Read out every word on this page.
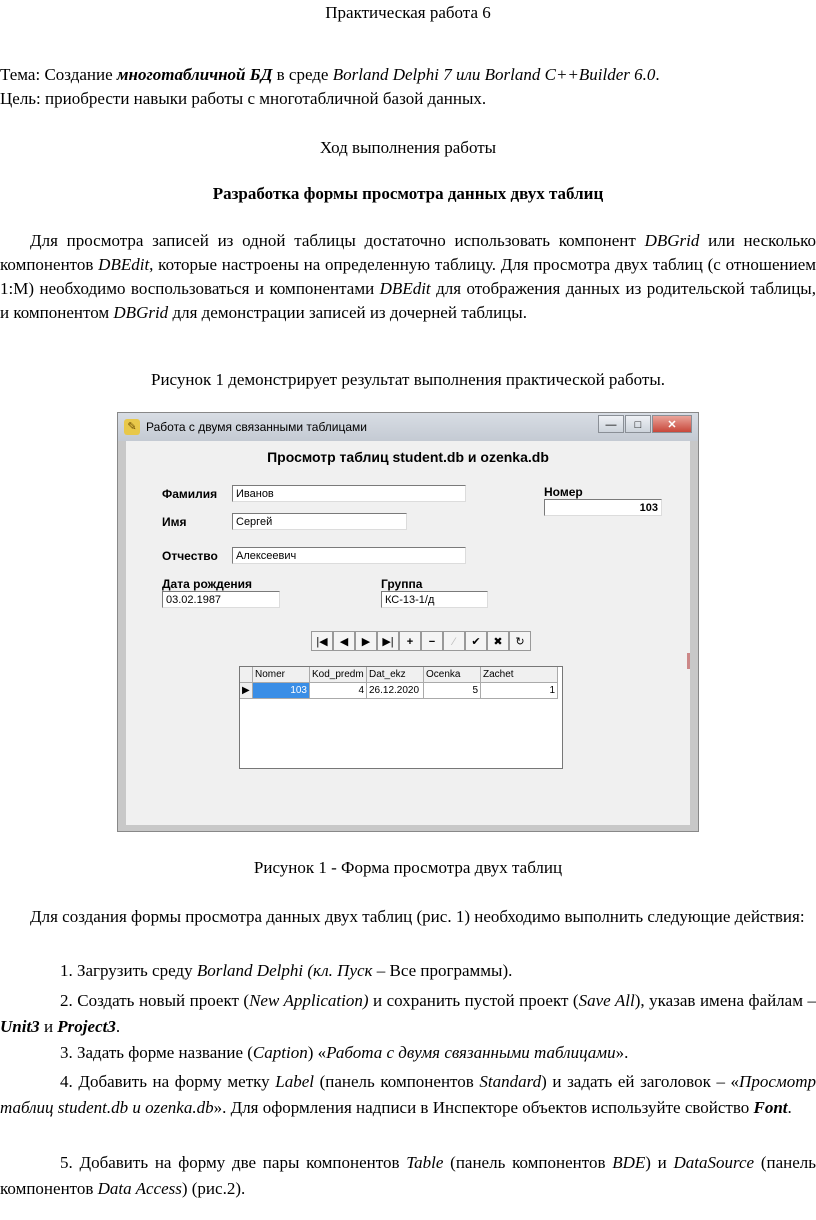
Практическая работа 6
Тема: Создание многотабличной БД в среде Borland Delphi 7 или Borland C++Builder 6.0.
Цель: приобрести навыки работы с многотабличной базой данных.
Ход выполнения работы
Разработка формы просмотра данных двух таблиц
Для просмотра записей из одной таблицы достаточно использовать компонент DBGrid или несколько компонентов DBEdit, которые настроены на определенную таблицу. Для просмотра двух таблиц (с отношением 1:М) необходимо воспользоваться и компонентами DBEdit для отображения данных из родительской таблицы, и компонентом DBGrid для демонстрации записей из дочерней таблицы.
Рисунок 1 демонстрирует результат выполнения практической работы.
✎ Работа с двумя связанными таблицами	—	□	✕
Просмотр таблиц student.db и ozenka.db
Фамилия	Иванов
Имя	Сергей
Отчество	Алексеевич
Дата рождения
03.02.1987
Группа
КС-13-1/д
Номер
103
|◀	◀	▶	▶|	+	−	⁄	✔	✖	↻
	Nomer	Kod_predm	Dat_ekz	Ocenka	Zachet
▶	103	4	26.12.2020	5	1
Рисунок 1 - Форма просмотра двух таблиц
Для создания формы просмотра данных двух таблиц (рис. 1) необходимо выполнить следующие действия:
1. Загрузить среду Borland Delphi (кл. Пуск – Все программы).
2. Создать новый проект (New Application) и сохранить пустой проект (Save All), указав имена файлам – Unit3 и Project3.
3. Задать форме название (Caption) «Работа с двумя связанными таблицами».
4. Добавить на форму метку Label (панель компонентов Standard) и задать ей заголовок – «Просмотр таблиц student.db и ozenka.db». Для оформления надписи в Инспекторе объектов используйте свойство Font.
5. Добавить на форму две пары компонентов Table (панель компонентов BDE) и DataSource (панель компонентов Data Access) (рис.2).
